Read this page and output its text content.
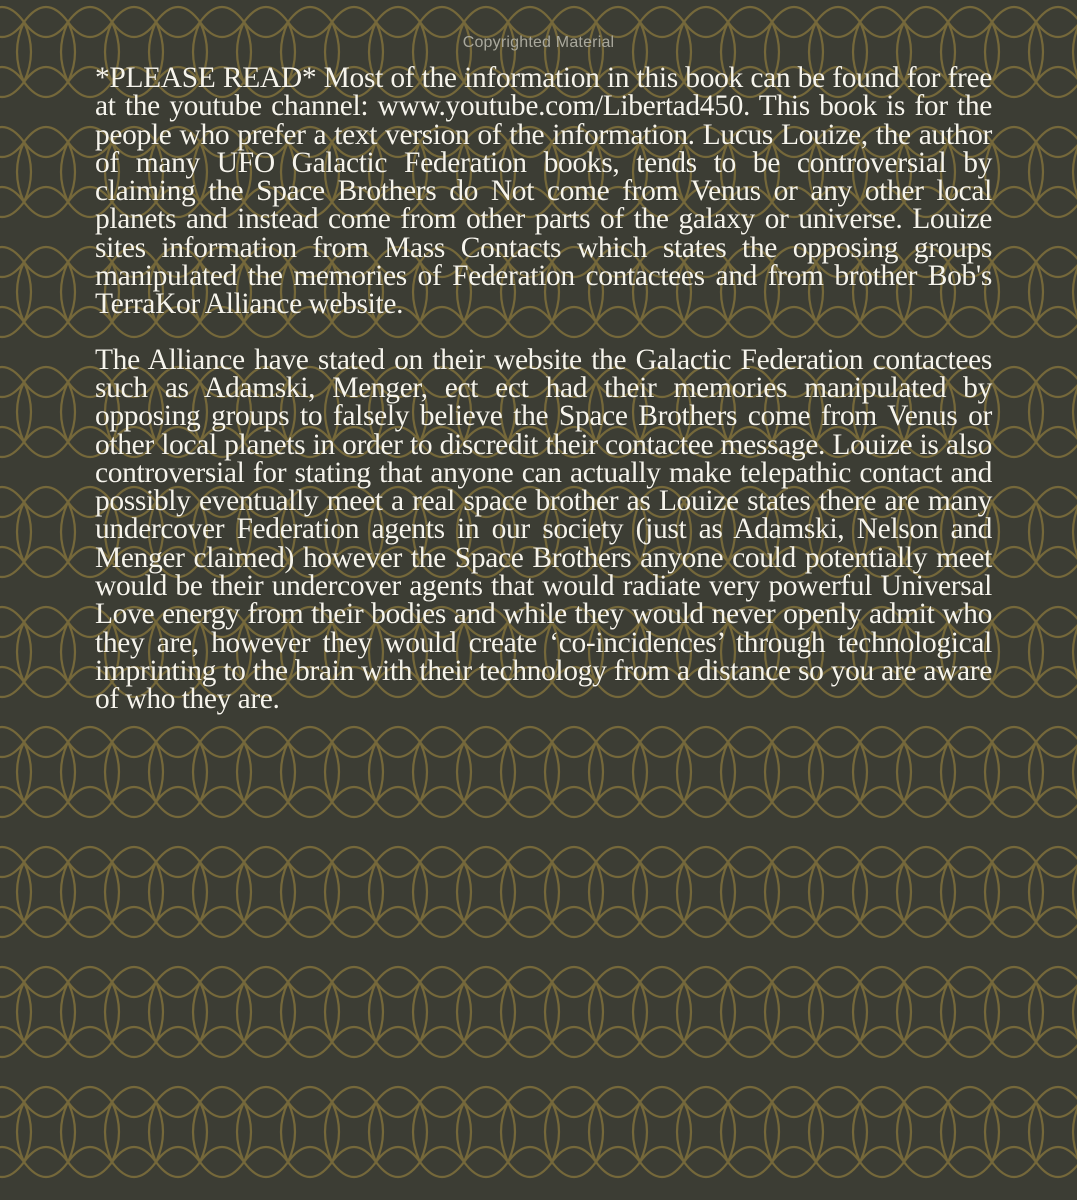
Copyrighted Material

*PLEASE READ* Most of the information in this book can be found for free at the youtube channel: www.youtube.com/Libertad450. This book is for the people who prefer a text version of the information. Lucus Louize, the author of many UFO Galactic Federation books, tends to be controversial by claiming the Space Brothers do Not come from Venus or any other local planets and instead come from other parts of the galaxy or universe. Louize sites information from Mass Contacts which states the opposing groups manipulated the memories of Federation contactees and from brother Bob's TerraKor Alliance website.

The Alliance have stated on their website the Galactic Federation contactees such as Adamski, Menger, ect ect had their memories manipulated by opposing groups to falsely believe the Space Brothers come from Venus or other local planets in order to discredit their contactee message. Louize is also controversial for stating that anyone can actually make telepathic contact and possibly eventually meet a real space brother as Louize states there are many undercover Federation agents in our society (just as Adamski, Nelson and Menger claimed) however the Space Brothers anyone could potentially meet would be their undercover agents that would radiate very powerful Universal Love energy from their bodies and while they would never openly admit who they are, however they would create ‘co-incidences’ through technological imprinting to the brain with their technology from a distance so you are aware of who they are.
